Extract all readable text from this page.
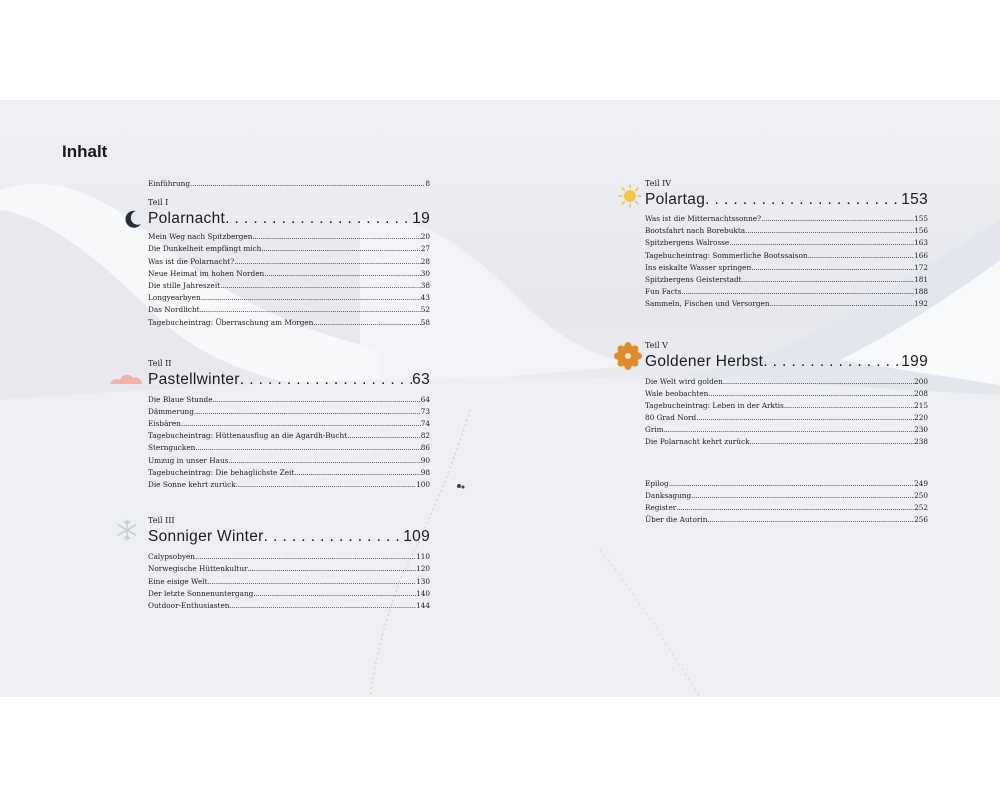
Inhalt
Einführung . . .	8
Teil I
Polarnacht . . .	19
Mein Weg nach Spitzbergen . . .	20
Die Dunkelheit empfängt mich . . .	27
Was ist die Polarnacht? . . .	28
Neue Heimat im hohen Norden . . .	30
Die stille Jahreszeit . . .	38
Longyearbyen . . .	43
Das Nordlicht . . .	52
Tagebucheintrag: Überraschung am Morgen . . .	58
Teil II
Pastellwinter . . .	63
Die Blaue Stunde . . .	64
Dämmerung . . .	73
Eisbären . . .	74
Tagebucheintrag: Hüttenausflug an die Agardh-Bucht . . .	82
Sterngucken . . .	86
Umzug in unser Haus . . .	90
Tagebucheintrag: Die behaglichste Zeit . . .	98
Die Sonne kehrt zurück . . .	100
Teil III
Sonniger Winter . . .	109
Calypsobyen . . .	110
Norwegische Hüttenkultur . . .	120
Eine eisige Welt . . .	130
Der letzte Sonnenuntergang . . .	140
Outdoor-Enthusiasten . . .	144
Teil IV
Polartag . . .	153
Was ist die Mitternachtssonne? . . .	155
Bootsfahrt nach Borebukta . . .	156
Spitzbergens Walrosse . . .	163
Tagebucheintrag: Sommerliche Bootssaison . . .	166
Ins eiskalte Wasser springen . . .	172
Spitzbergens Geisterstadt . . .	181
Fun Facts . . .	188
Sammeln, Fischen und Versorgen . . .	192
Teil V
Goldener Herbst . . .	199
Die Welt wird golden . . .	200
Wale beobachten . . .	208
Tagebucheintrag: Leben in der Arktis . . .	215
80 Grad Nord . . .	220
Grim . . .	230
Die Polarnacht kehrt zurück . . .	238
Epilog . . .	249
Danksagung . . .	250
Register . . .	252
Über die Autorin . . .	256
